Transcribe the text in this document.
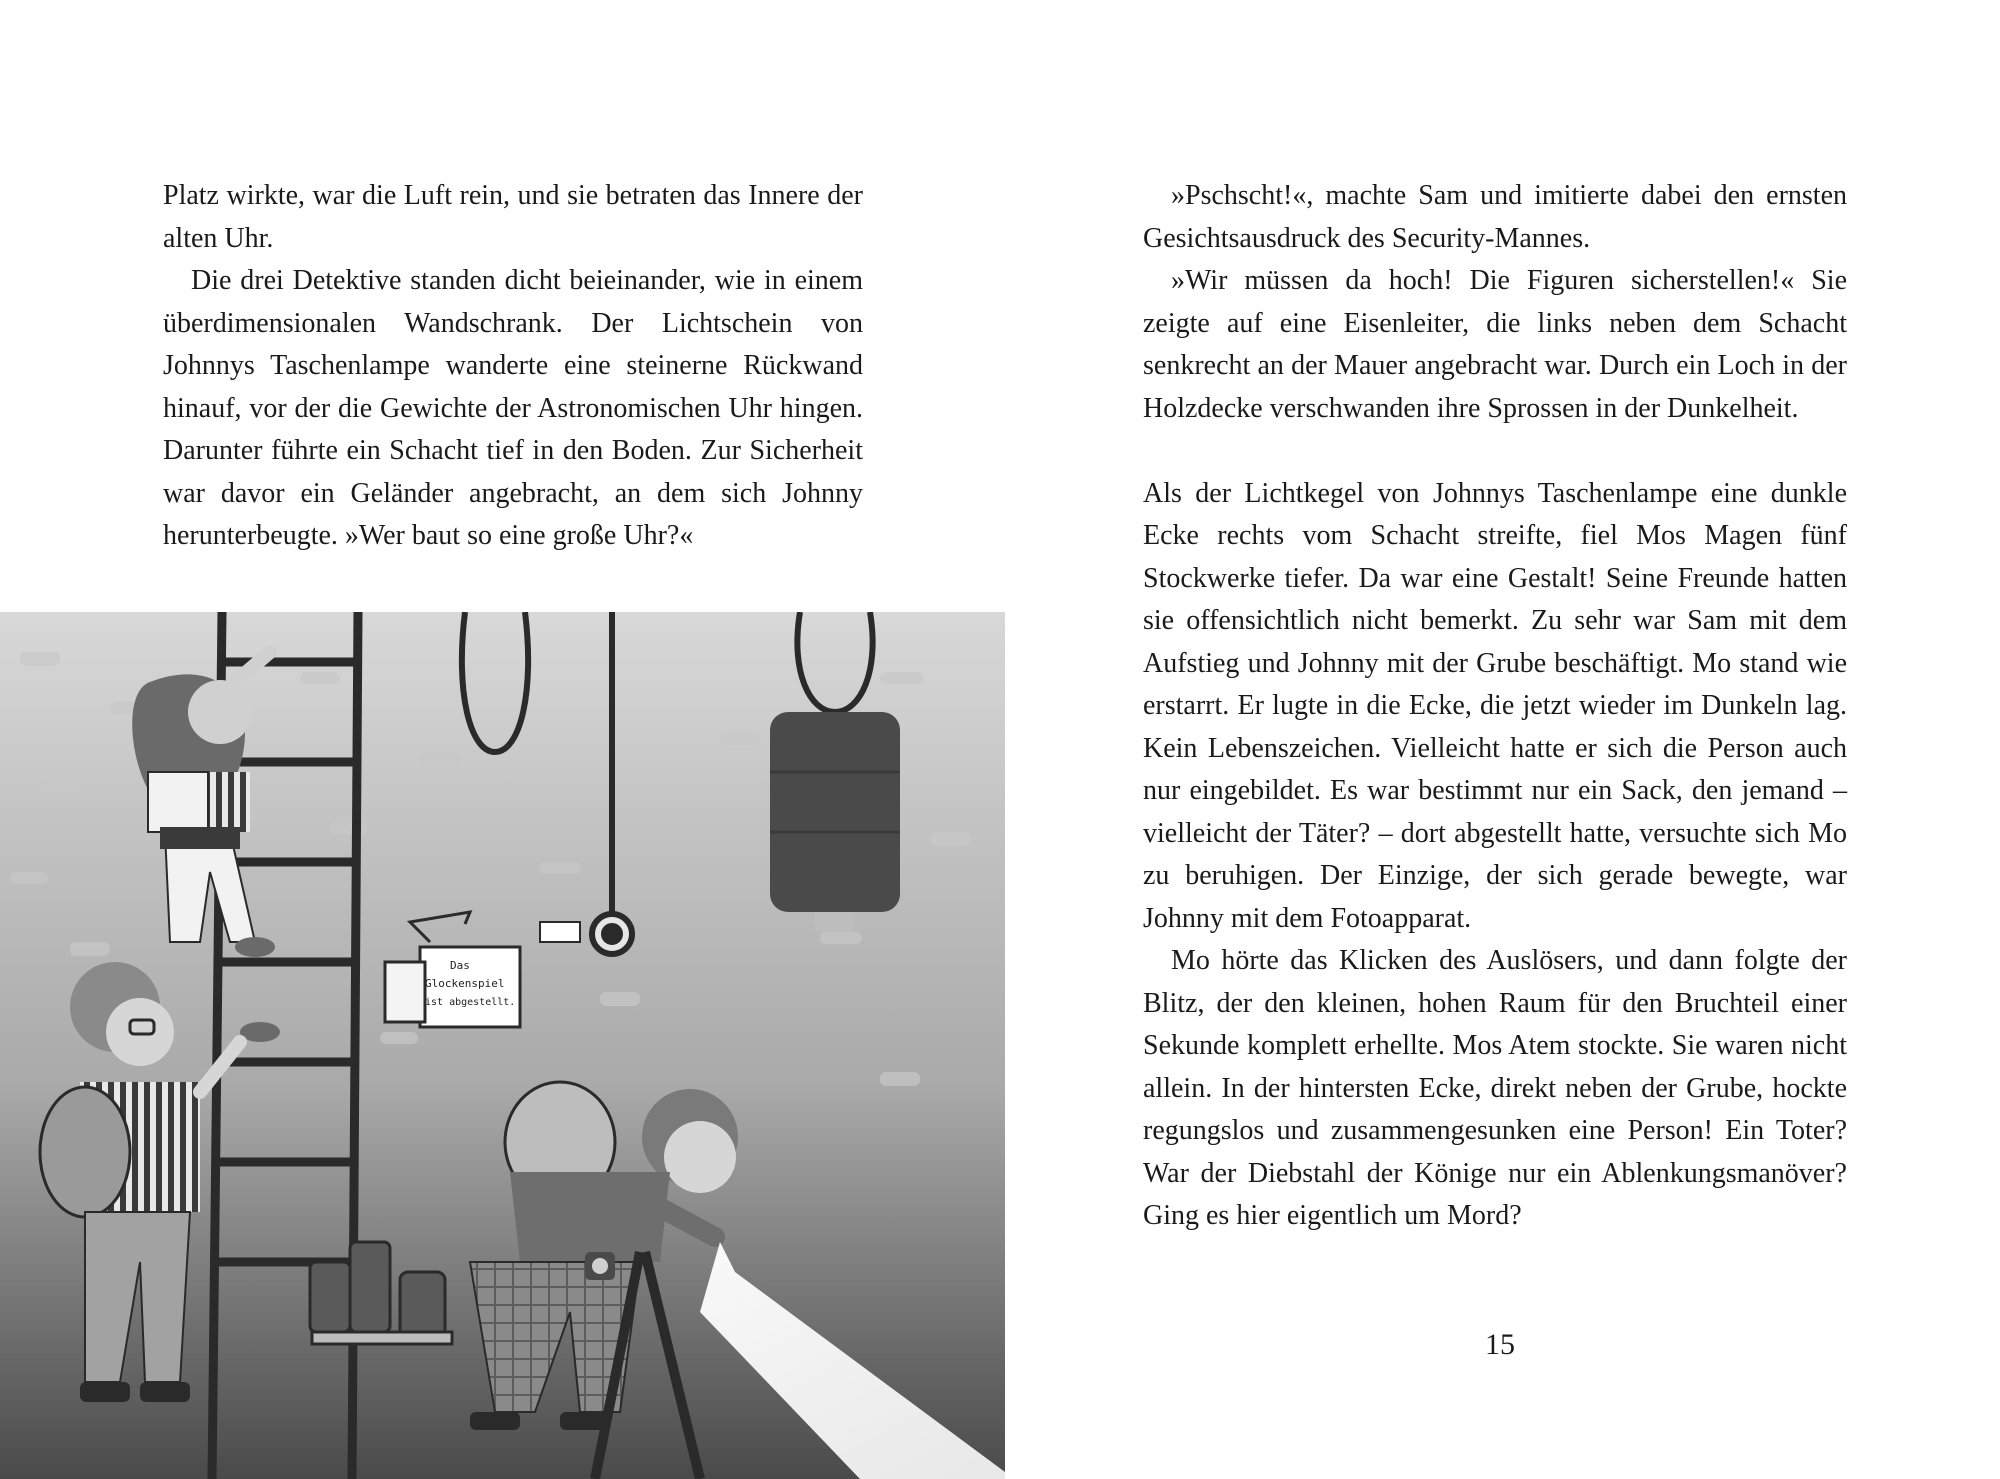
Platz wirkte, war die Luft rein, und sie betraten das Innere der alten Uhr.

Die drei Detektive standen dicht beieinander, wie in einem überdimensionalen Wandschrank. Der Lichtschein von Johnnys Taschenlampe wanderte eine steinerne Rückwand hinauf, vor der die Gewichte der Astronomischen Uhr hingen. Darunter führte ein Schacht tief in den Boden. Zur Sicherheit war davor ein Geländer angebracht, an dem sich Johnny herunterbeugte. »Wer baut so eine große Uhr?«

Das
Glockenspiel
ist abgestellt.

»Pschscht!«, machte Sam und imitierte dabei den ernsten Gesichtsausdruck des Security-Mannes.

»Wir müssen da hoch! Die Figuren sicherstellen!« Sie zeigte auf eine Eisenleiter, die links neben dem Schacht senkrecht an der Mauer angebracht war. Durch ein Loch in der Holzdecke verschwanden ihre Sprossen in der Dunkelheit.

Als der Lichtkegel von Johnnys Taschenlampe eine dunkle Ecke rechts vom Schacht streifte, fiel Mos Magen fünf Stockwerke tiefer. Da war eine Gestalt! Seine Freunde hatten sie offensichtlich nicht bemerkt. Zu sehr war Sam mit dem Aufstieg und Johnny mit der Grube beschäftigt. Mo stand wie erstarrt. Er lugte in die Ecke, die jetzt wieder im Dunkeln lag. Kein Lebenszeichen. Vielleicht hatte er sich die Person auch nur eingebildet. Es war bestimmt nur ein Sack, den jemand – vielleicht der Täter? – dort abgestellt hatte, versuchte sich Mo zu beruhigen. Der Einzige, der sich gerade bewegte, war Johnny mit dem Fotoapparat.

Mo hörte das Klicken des Auslösers, und dann folgte der Blitz, der den kleinen, hohen Raum für den Bruchteil einer Sekunde komplett erhellte. Mos Atem stockte. Sie waren nicht allein. In der hintersten Ecke, direkt neben der Grube, hockte regungslos und zusammengesunken eine Person! Ein Toter? War der Diebstahl der Könige nur ein Ablenkungsmanöver? Ging es hier eigentlich um Mord?

15
